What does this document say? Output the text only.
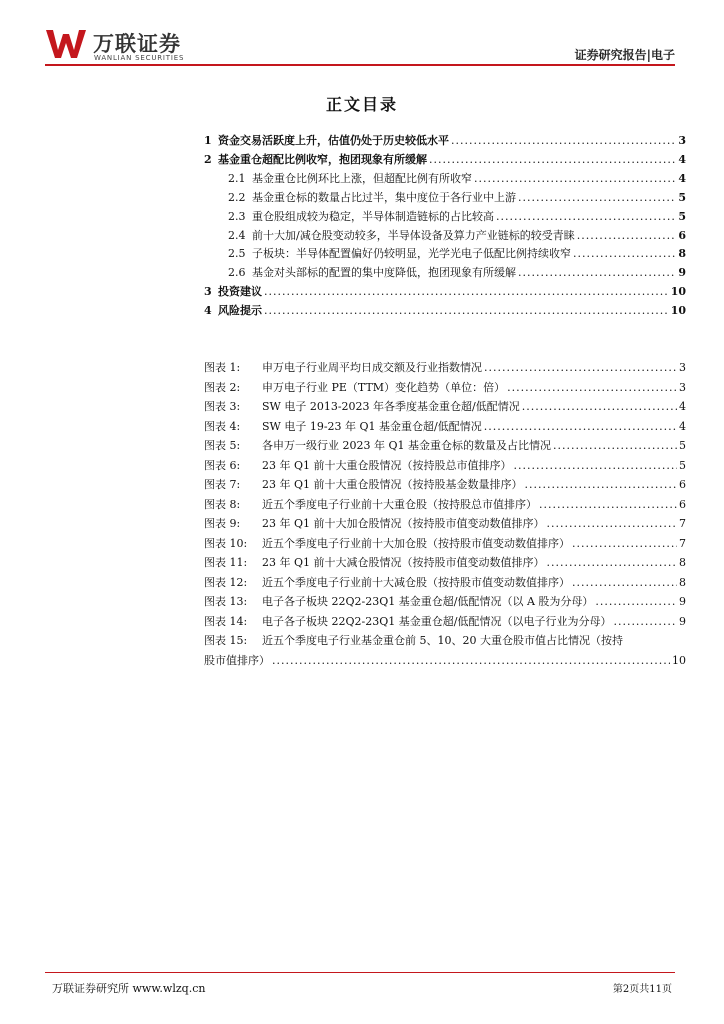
万联证券
WANLIAN SECURITIES	证券研究报告|电子
正文目录
1 资金交易活跃度上升，估值仍处于历史较低水平 .....	3
2 基金重仓超配比例收窄，抱团现象有所缓解 .....	4
2.1 基金重仓比例环比上涨，但超配比例有所收窄 .....	4
2.2 基金重仓标的数量占比过半，集中度位于各行业中上游 .....	5
2.3 重仓股组成较为稳定，半导体制造链标的占比较高 .....	5
2.4 前十大加/减仓股变动较多，半导体设备及算力产业链标的较受青睐 .....	6
2.5 子板块：半导体配置偏好仍较明显，光学光电子低配比例持续收窄 .....	8
2.6 基金对头部标的配置的集中度降低，抱团现象有所缓解 .....	9
3 投资建议 .....	10
4 风险提示 .....	10
图表 1:	申万电子行业周平均日成交额及行业指数情况 .....	3
图表 2:	申万电子行业 PE（TTM）变化趋势（单位：倍） .....	3
图表 3:	SW 电子 2013-2023 年各季度基金重仓超/低配情况 .....	4
图表 4:	SW 电子 19-23 年 Q1 基金重仓超/低配情况 .....	4
图表 5:	各申万一级行业 2023 年 Q1 基金重仓标的数量及占比情况 .....	5
图表 6:	23 年 Q1 前十大重仓股情况（按持股总市值排序） .....	5
图表 7:	23 年 Q1 前十大重仓股情况（按持股基金数量排序） .....	6
图表 8:	近五个季度电子行业前十大重仓股（按持股总市值排序） .....	6
图表 9:	23 年 Q1 前十大加仓股情况（按持股市值变动数值排序） .....	7
图表 10:	近五个季度电子行业前十大加仓股（按持股市值变动数值排序） .....	7
图表 11:	23 年 Q1 前十大减仓股情况（按持股市值变动数值排序） .....	8
图表 12:	近五个季度电子行业前十大减仓股（按持股市值变动数值排序） .....	8
图表 13:	电子各子板块 22Q2-23Q1 基金重仓超/低配情况（以 A 股为分母） .....	9
图表 14:	电子各子板块 22Q2-23Q1 基金重仓超/低配情况（以电子行业为分母） .....	9
图表 15:	近五个季度电子行业基金重仓前 5、10、20 大重仓股市值占比情况（按持
股市值排序） .....	10
万联证券研究所 www.wlzq.cn	第2页共11页
